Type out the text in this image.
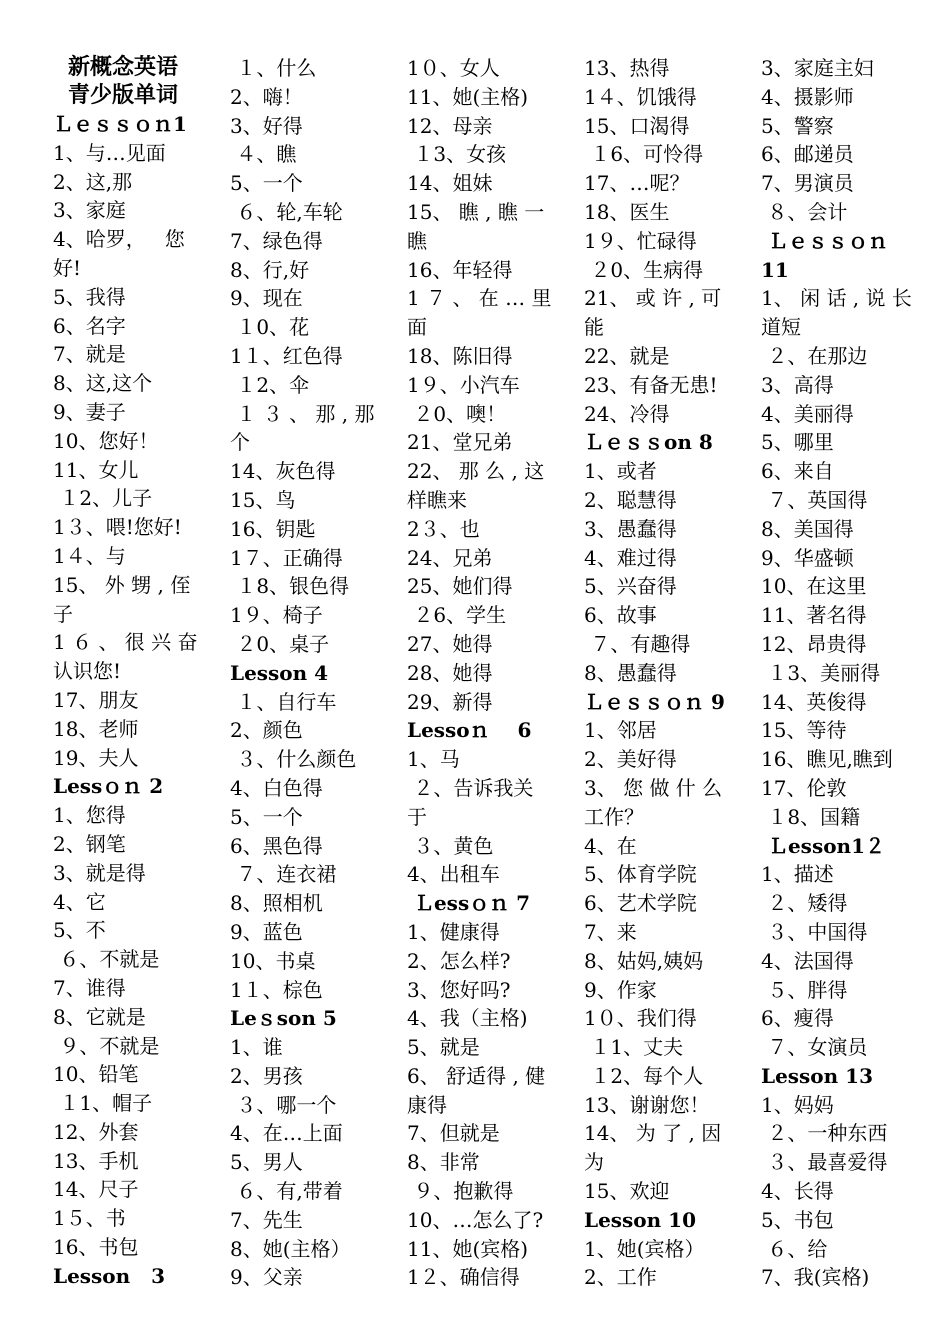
新概念英语
青少版单词
Ｌｅｓｓｏｎ1
1、与…见面
2、这,那
3、家庭
4、哈罗，   您
好!
5、我得
6、名字
7、就是
8、这,这个
9、妻子
10、您好！
11、女儿
１2、儿子
1３、喂!您好!
1４、与
15、 外 甥 , 侄
子
1 ６ 、 很 兴 奋
认识您!
17、朋友
18、老师
19、夫人
Lessｏｎ 2
1、您得
2、钢笔
3、就是得
4、它
5、不
６、不就是
7、谁得
8、它就是
９、不就是
10、铅笔
１1、帽子
12、外套
13、手机
14、尺子
1５、书
16、书包
Lesson   3
１、什么
2、嗨！
3、好得
４、瞧
5、一个
６、轮,车轮
7、绿色得
8、行,好
9、现在
１0、花
1１、红色得
１2、伞
１ ３ 、 那 , 那
个
14、灰色得
15、鸟
16、钥匙
1７、正确得
１8、银色得
1９、椅子
２0、桌子
Lesson 4
１、自行车
2、颜色
３、什么颜色
4、白色得
5、一个
6、黑色得
７、连衣裙
8、照相机
9、蓝色
10、书桌
1１、棕色
Leｓson 5
1、谁
2、男孩
３、哪一个
4、在…上面
5、男人
６、有,带着
7、先生
8、她(主格）
9、父亲
1０、女人
11、她(主格)
12、母亲
１3、女孩
14、姐妹
15、 瞧 , 瞧 一
瞧
16、年轻得
1 ７ 、 在 … 里
面
18、陈旧得
1９、小汽车
２0、噢！
21、堂兄弟
22、 那 么 , 这
样瞧来
2３、也
24、兄弟
25、她们得
２6、学生
27、她得
28、她得
29、新得
Lessoｎ    6
1、马
２、告诉我关
于
３、黄色
4、出租车
Ｌessｏｎ 7
1、健康得
2、怎么样?
3、您好吗?
4、我（主格)
5、就是
6、 舒适得 , 健
康得
7、但就是
8、非常
９、抱歉得
10、…怎么了?
11、她(宾格)
1２、确信得
13、热得
1４、饥饿得
15、口渴得
１6、可怜得
17、…呢？
18、医生
1９、忙碌得
２0、生病得
21、 或 许 , 可
能
22、就是
23、有备无患!
24、冷得
Ｌｅｓｓon 8
1、或者
2、聪慧得
3、愚蠢得
4、难过得
5、兴奋得
6、故事
７、有趣得
8、愚蠢得
Ｌｅｓｓｏｎ 9
1、邻居
2、美好得
3、 您 做 什 么
工作？
4、在
5、体育学院
6、艺术学院
7、来
8、姑妈,姨妈
9、作家
1０、我们得
１1、丈夫
１2、每个人
13、谢谢您！
14、 为 了 , 因
为
15、欢迎
Lesson 10
1、她(宾格）
2、工作
3、家庭主妇
4、摄影师
5、警察
6、邮递员
7、男演员
８、会计
Ｌｅｓｓｏｎ
11
1、 闲 话 , 说 长
道短
２、在那边
3、高得
4、美丽得
5、哪里
6、来自
７、英国得
8、美国得
9、华盛顿
10、在这里
11、著名得
12、昂贵得
１3、美丽得
14、英俊得
15、等待
16、瞧见,瞧到
17、伦敦
１8、国籍
Ｌesson1２
1、描述
２、矮得
３、中国得
4、法国得
５、胖得
6、瘦得
７、女演员
Lesson 13
1、妈妈
２、一种东西
３、最喜爱得
4、长得
5、书包
６、给
7、我(宾格)
